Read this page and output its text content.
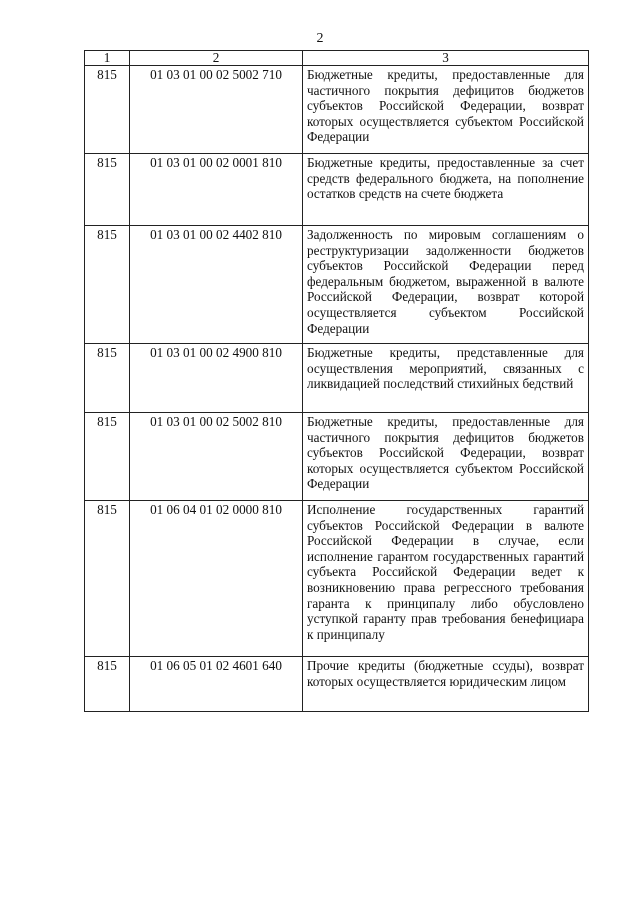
2
1	2	3
815	01 03 01 00 02 5002 710	Бюджетные кредиты, предоставленные для частичного покрытия дефицитов бюджетов субъектов Российской Федерации, возврат которых осуществляется субъектом Российской Федерации
815	01 03 01 00 02 0001 810	Бюджетные кредиты, предоставленные за счет средств федерального бюджета, на пополнение остатков средств на счете бюджета
815	01 03 01 00 02 4402 810	Задолженность по мировым соглашениям о реструктуризации задолженности бюджетов субъектов Российской Федерации перед федеральным бюджетом, выраженной в валюте Российской Федерации, возврат которой осуществляется субъектом Российской Федерации
815	01 03 01 00 02 4900 810	Бюджетные кредиты, представленные для осуществления мероприятий, связанных с ликвидацией последствий стихийных бедствий
815	01 03 01 00 02 5002 810	Бюджетные кредиты, предоставленные для частичного покрытия дефицитов бюджетов субъектов Российской Федерации, возврат которых осуществляется субъектом Российской Федерации
815	01 06 04 01 02 0000 810	Исполнение государственных гарантий субъектов Российской Федерации в валюте Российской Федерации в случае, если исполнение гарантом государственных гарантий субъекта Российской Федерации ведет к возникновению права регрессного требования гаранта к принципалу либо обусловлено уступкой гаранту прав требования бенефициара к принципалу
815	01 06 05 01 02 4601 640	Прочие кредиты (бюджетные ссуды), возврат которых осуществляется юридическим лицом
